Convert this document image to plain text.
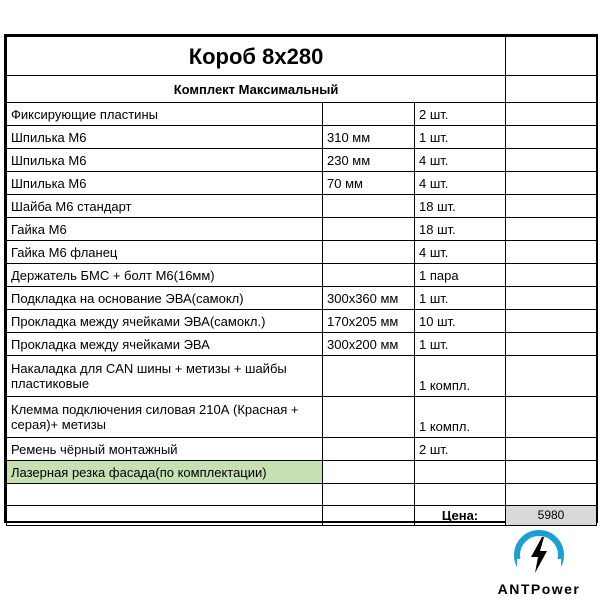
Короб 8х280			
Комплект Максимальный			
Фиксирующие пластины		2 шт.	
Шпилька М6	310 мм	1 шт.	
Шпилька М6	230 мм	4 шт.	
Шпилька М6	70 мм	4 шт.	
Шайба М6 стандарт		18 шт.	
Гайка М6		18 шт.	
Гайка М6 фланец		4 шт.	
Держатель БМС + болт М6(16мм)		1 пара	
Подкладка на основание ЭВА(самокл)	300х360 мм	1 шт.	
Прокладка между ячейками ЭВА(самокл.)	170х205 мм	10 шт.	
Прокладка между ячейками ЭВА	300х200 мм	1 шт.	
Накаладка для CAN шины + метизы + шайбы пластиковые		1 компл.	
Клемма подключения силовая 210А (Красная + серая)+ метизы		1 компл.	
Ремень чёрный монтажный		2 шт.	
Лазерная резка фасада(по комплектации)			

		Цена:	5980
ANTPower
